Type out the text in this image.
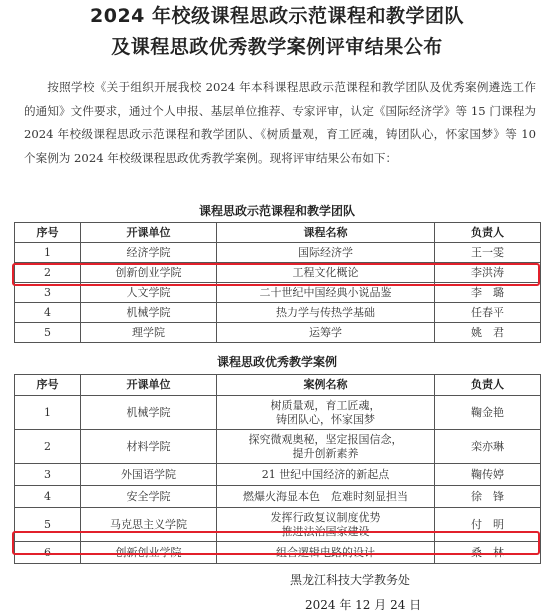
2024 年校级课程思政示范课程和教学团队
及课程思政优秀教学案例评审结果公布
按照学校《关于组织开展我校 2024 年本科课程思政示范课程和教学团队及优秀案例遴选工作的通知》文件要求，通过个人申报、基层单位推荐、专家评审，认定《国际经济学》等 15 门课程为 2024 年校级课程思政示范课程和教学团队、《树质量观，育工匠魂，铸团队心，怀家国梦》等 10 个案例为 2024 年校级课程思政优秀教学案例。现将评审结果公布如下：
课程思政示范课程和教学团队
序号	开课单位	课程名称	负责人
1	经济学院	国际经济学	王一雯
2	创新创业学院	工程文化概论	李洪涛
3	人文学院	二十世纪中国经典小说品鉴	李　璐
4	机械学院	热力学与传热学基础	任春平
5	理学院	运筹学	姚　君
课程思政优秀教学案例
序号	开课单位	案例名称	负责人
1	机械学院	树质量观，育工匠魂，
铸团队心，怀家国梦	鞠金艳
2	材料学院	探究微观奥秘，坚定报国信念，
提升创新素养	栾亦琳
3	外国语学院	21 世纪中国经济的新起点	鞠传婷
4	安全学院	燃爆火海显本色　危难时刻显担当	徐　锋
5	马克思主义学院	发挥行政复议制度优势
推进法治国家建设	付　明
6	创新创业学院	组合逻辑电路的设计	桑　林
黑龙江科技大学教务处
2024 年 12 月 24 日
